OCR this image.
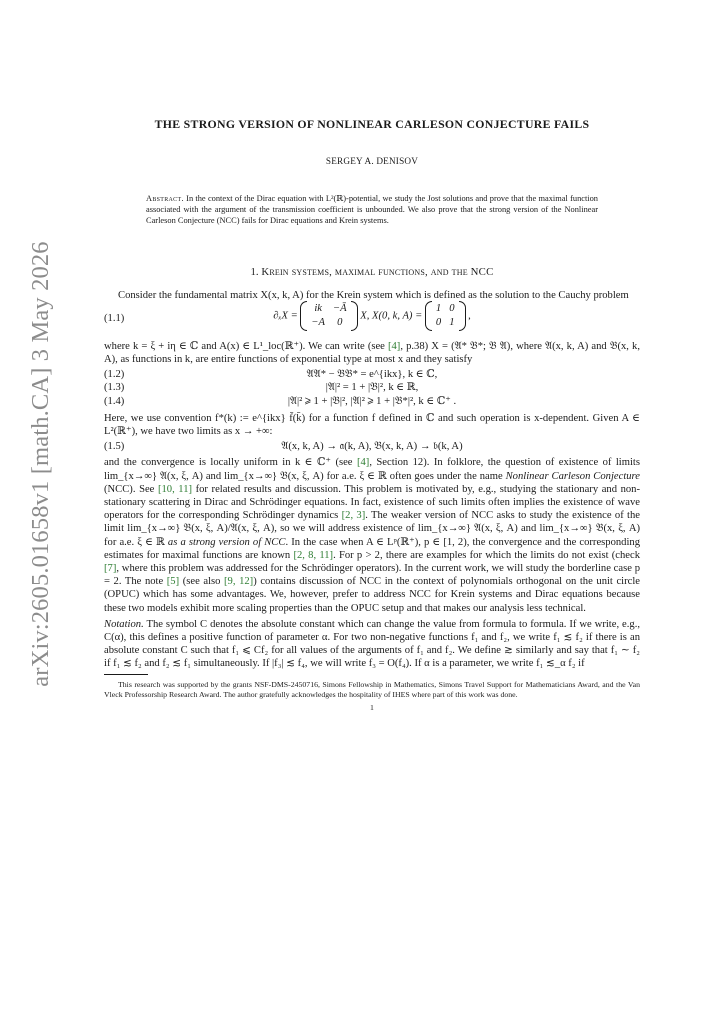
arXiv:2605.01658v1 [math.CA] 3 May 2026
THE STRONG VERSION OF NONLINEAR CARLESON CONJECTURE FAILS
SERGEY A. DENISOV
Abstract. In the context of the Dirac equation with L²(ℝ)-potential, we study the Jost solutions and prove that the maximal function associated with the argument of the transmission coefficient is unbounded. We also prove that the strong version of the Nonlinear Carleson Conjecture (NCC) fails for Dirac equations and Krein systems.
1. Krein systems, maximal functions, and the NCC

Consider the fundamental matrix X(x, k, A) for the Krein system which is defined as the solution to the Cauchy problem

(1.1)	∂ₓX =
ik	−Ā
−A	0
X, X(0, k, A) =
1	0
0	1
,

where k = ξ + iη ∈ ℂ and A(x) ∈ L¹_loc(ℝ⁺). We can write (see [4], p.38) X = (𝔄* 𝔅*; 𝔅 𝔄), where 𝔄(x, k, A) and 𝔅(x, k, A), as functions in k, are entire functions of exponential type at most x and they satisfy

(1.2)	𝔄𝔄* − 𝔅𝔅* = e^{ikx}, k ∈ ℂ,
(1.3)	|𝔄|² = 1 + |𝔅|², k ∈ ℝ,
(1.4)	|𝔄|² ⩾ 1 + |𝔅|², |𝔄|² ⩾ 1 + |𝔅*|², k ∈ ℂ⁺ .

Here, we use convention f*(k) := e^{ikx} f̄(k̄) for a function f defined in ℂ and such operation is x-dependent. Given A ∈ L²(ℝ⁺), we have two limits as x → +∞:

(1.5)	𝔄(x, k, A) → 𝔞(k, A), 𝔅(x, k, A) → 𝔟(k, A)

and the convergence is locally uniform in k ∈ ℂ⁺ (see [4], Section 12). In folklore, the question of existence of limits lim_{x→∞} 𝔄(x, ξ, A) and lim_{x→∞} 𝔅(x, ξ, A) for a.e. ξ ∈ ℝ often goes under the name Nonlinear Carleson Conjecture (NCC). See [10, 11] for related results and discussion. This problem is motivated by, e.g., studying the stationary and non-stationary scattering in Dirac and Schrödinger equations. In fact, existence of such limits often implies the existence of wave operators for the corresponding Schrödinger dynamics [2, 3]. The weaker version of NCC asks to study the existence of the limit lim_{x→∞} 𝔅(x, ξ, A)/𝔄(x, ξ, A), so we will address existence of lim_{x→∞} 𝔄(x, ξ, A) and lim_{x→∞} 𝔅(x, ξ, A) for a.e. ξ ∈ ℝ as a strong version of NCC. In the case when A ∈ Lᵖ(ℝ⁺), p ∈ [1, 2), the convergence and the corresponding estimates for maximal functions are known [2, 8, 11]. For p > 2, there are examples for which the limits do not exist (check [7], where this problem was addressed for the Schrödinger operators). In the current work, we will study the borderline case p = 2. The note [5] (see also [9, 12]) contains discussion of NCC in the context of polynomials orthogonal on the unit circle (OPUC) which has some advantages. We, however, prefer to address NCC for Krein systems and Dirac equations because these two models exhibit more scaling properties than the OPUC setup and that makes our analysis less technical.

Notation. The symbol C denotes the absolute constant which can change the value from formula to formula. If we write, e.g., C(α), this defines a positive function of parameter α. For two non-negative functions f₁ and f₂, we write f₁ ≲ f₂ if there is an absolute constant C such that f₁ ⩽ Cf₂ for all values of the arguments of f₁ and f₂. We define ≳ similarly and say that f₁ ∼ f₂ if f₁ ≲ f₂ and f₂ ≲ f₁ simultaneously. If |f₃| ≲ f₄, we will write f₃ = O(f₄). If α is a parameter, we write f₁ ≲_α f₂ if

This research was supported by the grants NSF-DMS-2450716, Simons Fellowship in Mathematics, Simons Travel Support for Mathematicians Award, and the Van Vleck Professorship Research Award. The author gratefully acknowledges the hospitality of IHES where part of this work was done.
1
